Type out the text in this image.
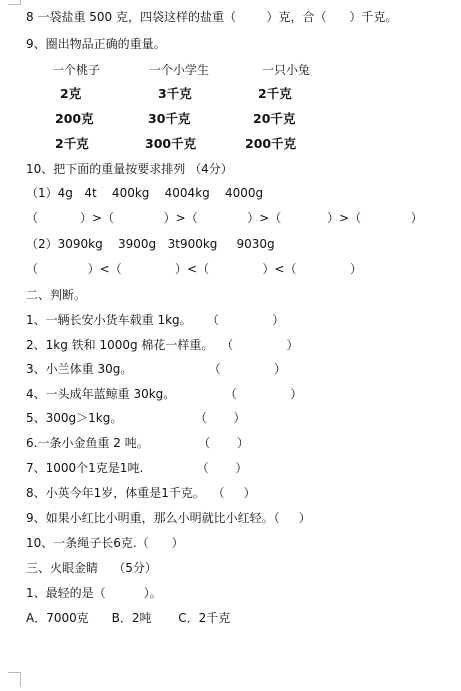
8 一袋盐重 500 克，四袋这样的盐重（        ）克，合（      ）千克。
9、圈出物品正确的重量。
一个桃子	一个小学生	一只小兔
2克	3千克	2千克
200克	30千克	20千克
2千克	300千克	200千克
10、把下面的重量按要求排列 （4分）
（1）4g   4t    400kg    4004kg    4000g
（           ）>（             ）>（             ）>（            ）>（             ）
（2）3090kg    3900g   3t900kg     9030g
（             ）<（              ）<（              ）<（              ）
二、判断。
1、一辆长安小货车载重 1kg。    （              ）
2、1kg 铁和 1000g 棉花一样重。  （              ）
3、小兰体重 30g。                    （              ）
4、一头成年蓝鲸重 30kg。             （              ）
5、300g＞1kg。                   （       ）
6.一条小金鱼重 2 吨。             （       ）
7、1000个1克是1吨.              （       ）
8、小英今年1岁，体重是1千克。  （     ）
9、如果小红比小明重，那么小明就比小红轻。（     ）
10、一条绳子长6克.（      ）
三、火眼金睛    （5分）
1、最轻的是（          ）。
A．7000克      B．2吨       C．2千克
